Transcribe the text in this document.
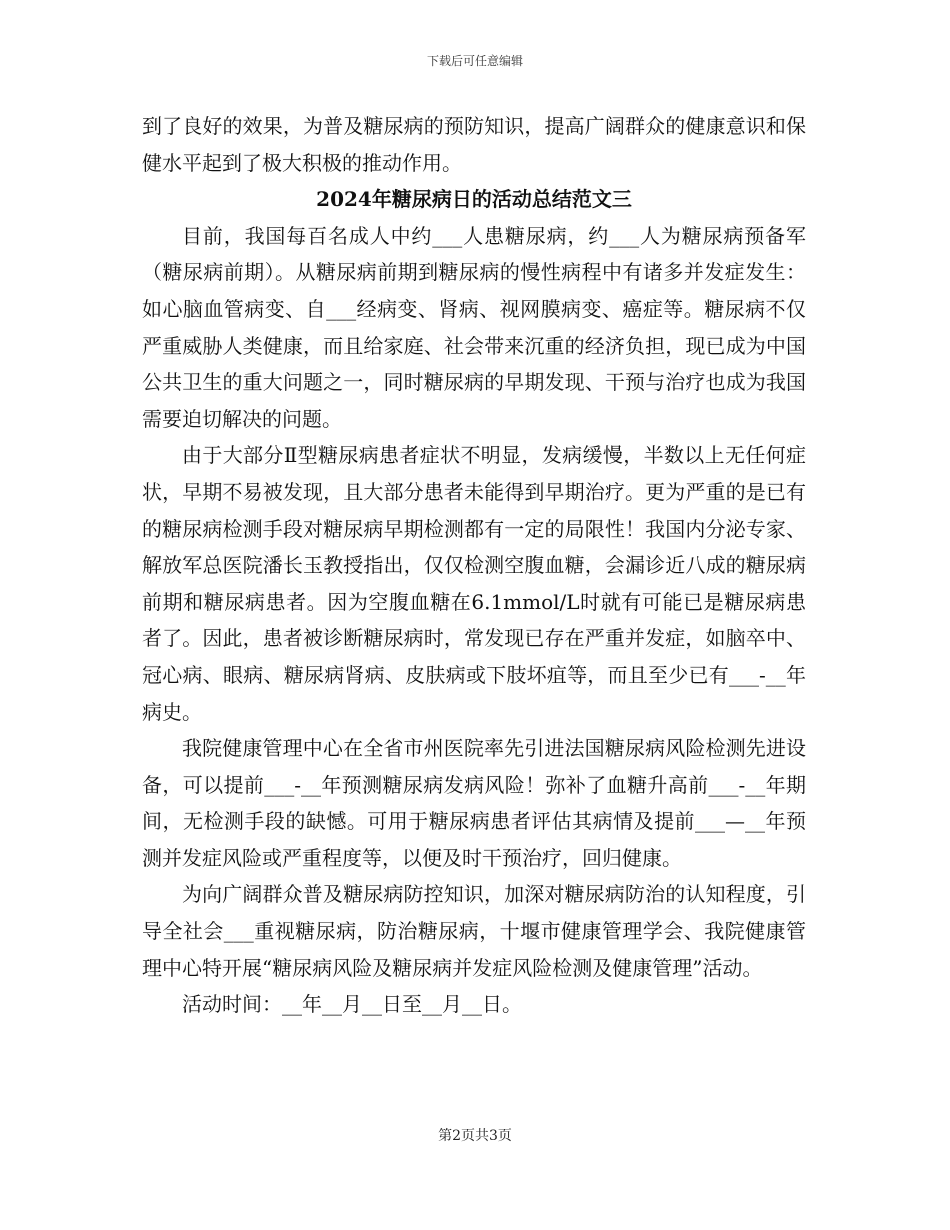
下载后可任意编辑

到了良好的效果，为普及糖尿病的预防知识，提高广阔群众的健康意识和保健水平起到了极大积极的推动作用。

2024年糖尿病日的活动总结范文三

目前，我国每百名成人中约___人患糖尿病，约___人为糖尿病预备军（糖尿病前期）。从糖尿病前期到糖尿病的慢性病程中有诸多并发症发生：如心脑血管病变、自___经病变、肾病、视网膜病变、癌症等。糖尿病不仅严重威胁人类健康，而且给家庭、社会带来沉重的经济负担，现已成为中国公共卫生的重大问题之一，同时糖尿病的早期发现、干预与治疗也成为我国需要迫切解决的问题。

由于大部分Ⅱ型糖尿病患者症状不明显，发病缓慢，半数以上无任何症状，早期不易被发现，且大部分患者未能得到早期治疗。更为严重的是已有的糖尿病检测手段对糖尿病早期检测都有一定的局限性！我国内分泌专家、解放军总医院潘长玉教授指出，仅仅检测空腹血糖，会漏诊近八成的糖尿病前期和糖尿病患者。因为空腹血糖在6.1mmol/L时就有可能已是糖尿病患者了。因此，患者被诊断糖尿病时，常发现已存在严重并发症，如脑卒中、冠心病、眼病、糖尿病肾病、皮肤病或下肢坏疽等，而且至少已有___-__年病史。

我院健康管理中心在全省市州医院率先引进法国糖尿病风险检测先进设备，可以提前___-__年预测糖尿病发病风险！弥补了血糖升高前___-__年期间，无检测手段的缺憾。可用于糖尿病患者评估其病情及提前___—__年预测并发症风险或严重程度等，以便及时干预治疗，回归健康。

为向广阔群众普及糖尿病防控知识，加深对糖尿病防治的认知程度，引导全社会___重视糖尿病，防治糖尿病，十堰市健康管理学会、我院健康管理中心特开展“糖尿病风险及糖尿病并发症风险检测及健康管理”活动。

活动时间：__年__月__日至__月__日。

第2页共3页
